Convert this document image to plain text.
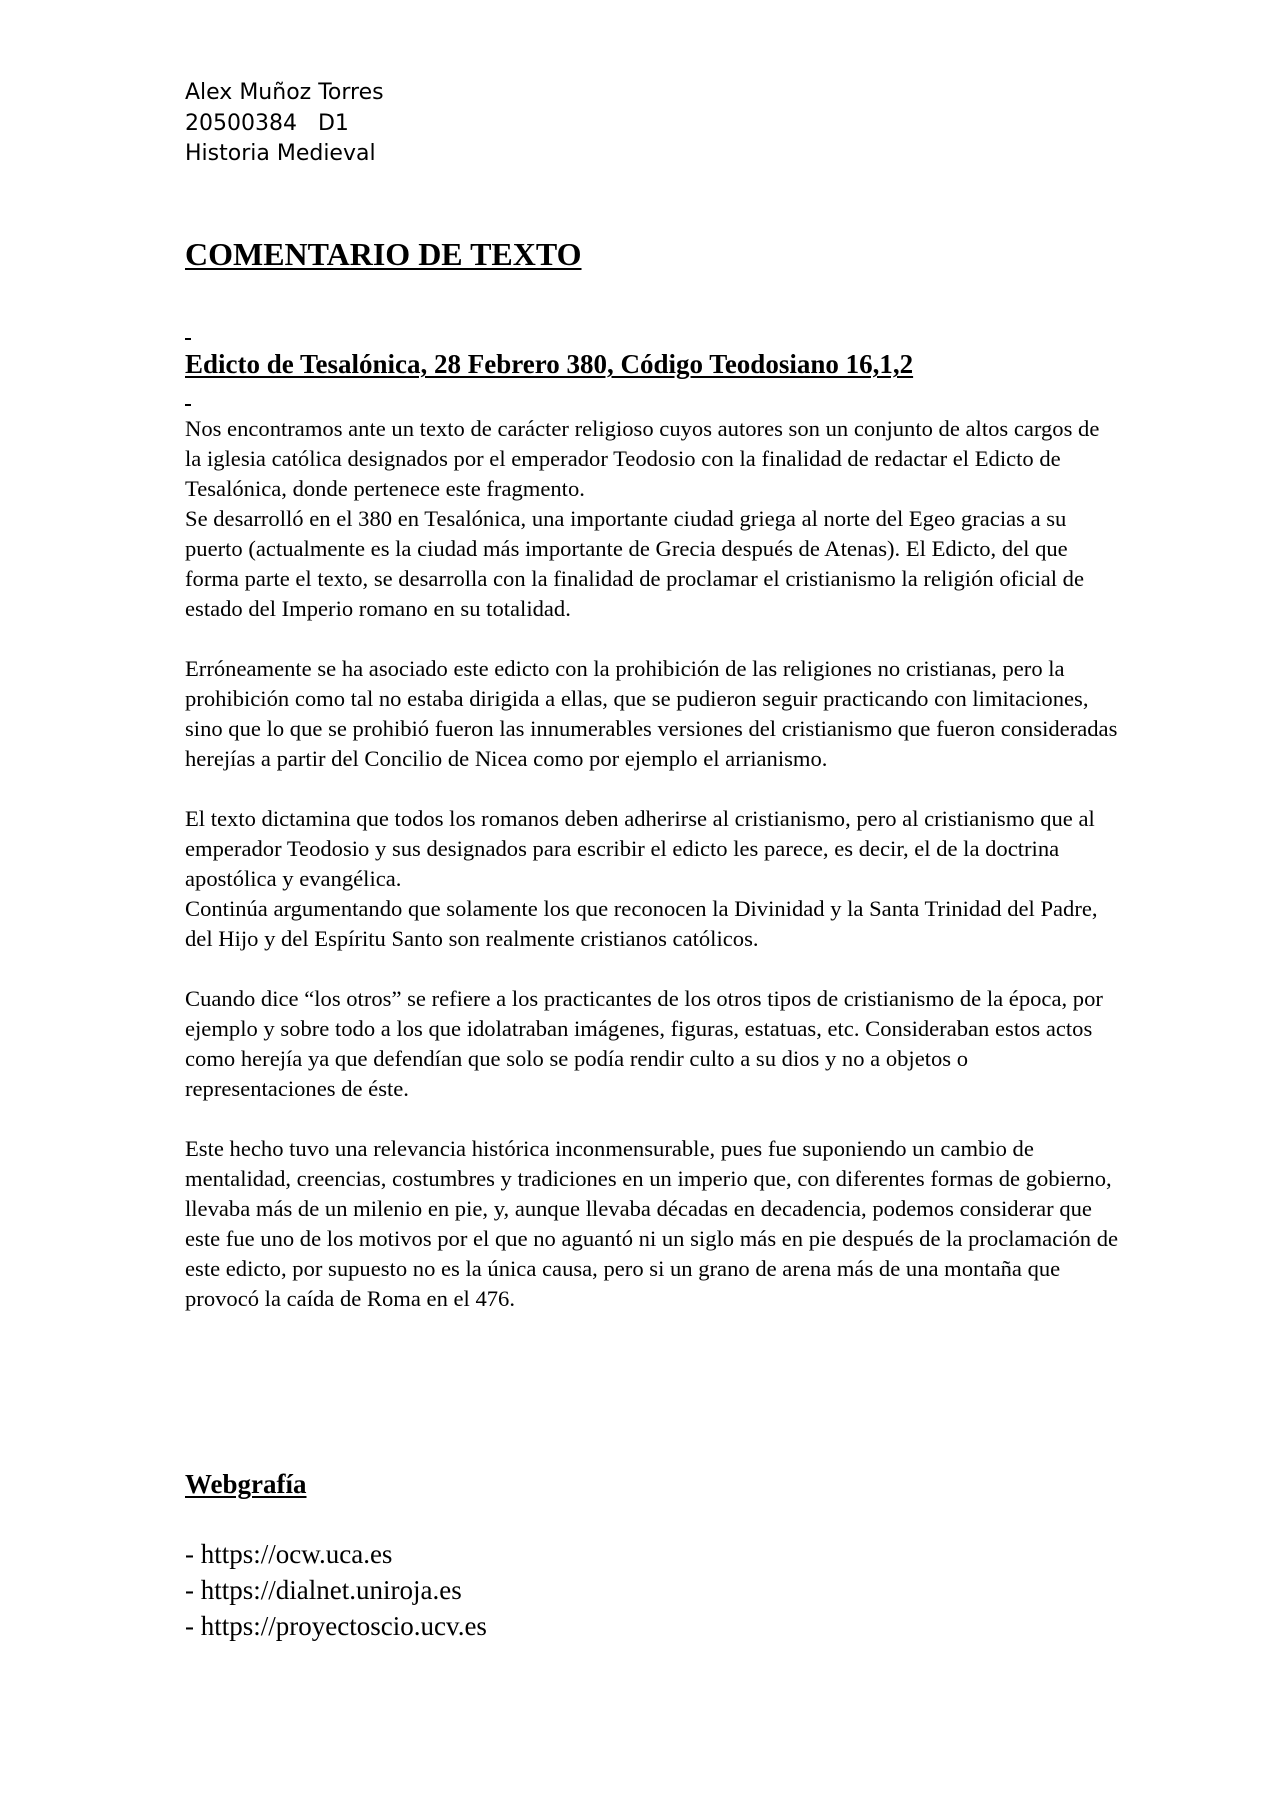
Alex Muñoz Torres
20500384   D1
Historia Medieval
COMENTARIO DE TEXTO
Edicto de Tesalónica, 28 Febrero 380, Código Teodosiano 16,1,2

Nos encontramos ante un texto de carácter religioso cuyos autores son un conjunto de altos cargos de la iglesia católica designados por el emperador Teodosio con la finalidad de redactar el Edicto de Tesalónica, donde pertenece este fragmento.
Se desarrolló en el 380 en Tesalónica, una importante ciudad griega al norte del Egeo gracias a su puerto (actualmente es la ciudad más importante de Grecia después de Atenas). El Edicto, del que forma parte el texto, se desarrolla con la finalidad de proclamar el cristianismo la religión oficial de estado del Imperio romano en su totalidad.

Erróneamente se ha asociado este edicto con la prohibición de las religiones no cristianas, pero la prohibición como tal no estaba dirigida a ellas, que se pudieron seguir practicando con limitaciones, sino que lo que se prohibió fueron las innumerables versiones del cristianismo que fueron consideradas herejías a partir del Concilio de Nicea como por ejemplo el arrianismo.

El texto dictamina que todos los romanos deben adherirse al cristianismo, pero al cristianismo que al emperador Teodosio y sus designados para escribir el edicto les parece, es decir, el de la doctrina apostólica y evangélica.
Continúa argumentando que solamente los que reconocen la Divinidad y la Santa Trinidad del Padre, del Hijo y del Espíritu Santo son realmente cristianos católicos.

Cuando dice “los otros” se refiere a los practicantes de los otros tipos de cristianismo de la época, por ejemplo y sobre todo a los que idolatraban imágenes, figuras, estatuas, etc. Consideraban estos actos como herejía ya que defendían que solo se podía rendir culto a su dios y no a objetos o representaciones de éste.

Este hecho tuvo una relevancia histórica inconmensurable, pues fue suponiendo un cambio de mentalidad, creencias, costumbres y tradiciones en un imperio que, con diferentes formas de gobierno, llevaba más de un milenio en pie, y, aunque llevaba décadas en decadencia, podemos considerar que este fue uno de los motivos por el que no aguantó ni un siglo más en pie después de la proclamación de este edicto, por supuesto no es la única causa, pero si un grano de arena más de una montaña que provocó la caída de Roma en el 476.

Webgrafía
- https://ocw.uca.es
- https://dialnet.uniroja.es
- https://proyectoscio.ucv.es
